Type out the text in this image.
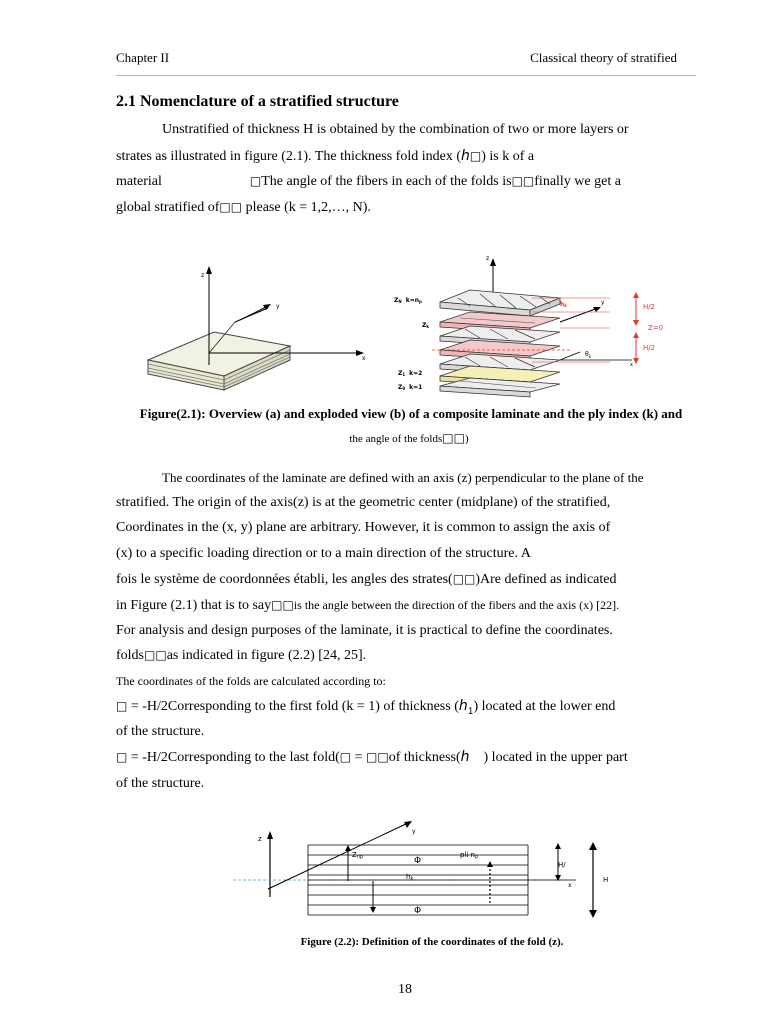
Chapter II	Classical theory of stratified
2.1 Nomenclature of a stratified structure
Unstratified of thickness H is obtained by the combination of two or more layers or
strates as illustrated in figure (2.1). The thickness fold index (h□) is k of a
material	□The angle of the fibers in each of the folds is□□finally we get a
global stratified of□□ please (k = 1,2,…, N).
z
y
x
z
y
x
$\theta_k$
ZN k=np
Zk
Z1 k=2
Z0 k=1
hk	H/2
Z=0
H/2
Figure(2.1): Overview (a) and exploded view (b) of a composite laminate and the ply index (k) and
the angle of the folds□□)
The coordinates of the laminate are defined with an axis (z) perpendicular to the plane of the
stratified. The origin of the axis(z) is at the geometric center (midplane) of the stratified,
Coordinates in the (x, y) plane are arbitrary. However, it is common to assign the axis of
(x) to a specific loading direction or to a main direction of the structure. A
fois le système de coordonnées établi, les angles des strates(□□)Are defined as indicated
in Figure (2.1) that is to say□□is the angle between the direction of the fibers and the axis (x) [22].
For analysis and design purposes of the laminate, it is practical to define the coordinates.
folds□□as indicated in figure (2.2) [24, 25].
The coordinates of the folds are calculated according to:
□ = -H/2Corresponding to the first fold (k = 1) of thickness $(h_1)$ located at the lower end
of the structure.
□ = -H/2Corresponding to the last fold(□ = □□of thickness(h ) located in the upper part
of the structure.
z
y
x
Znp	Φ
Φ
pli np
hk
H/
H
Figure (2.2): Definition of the coordinates of the fold (z).
18
